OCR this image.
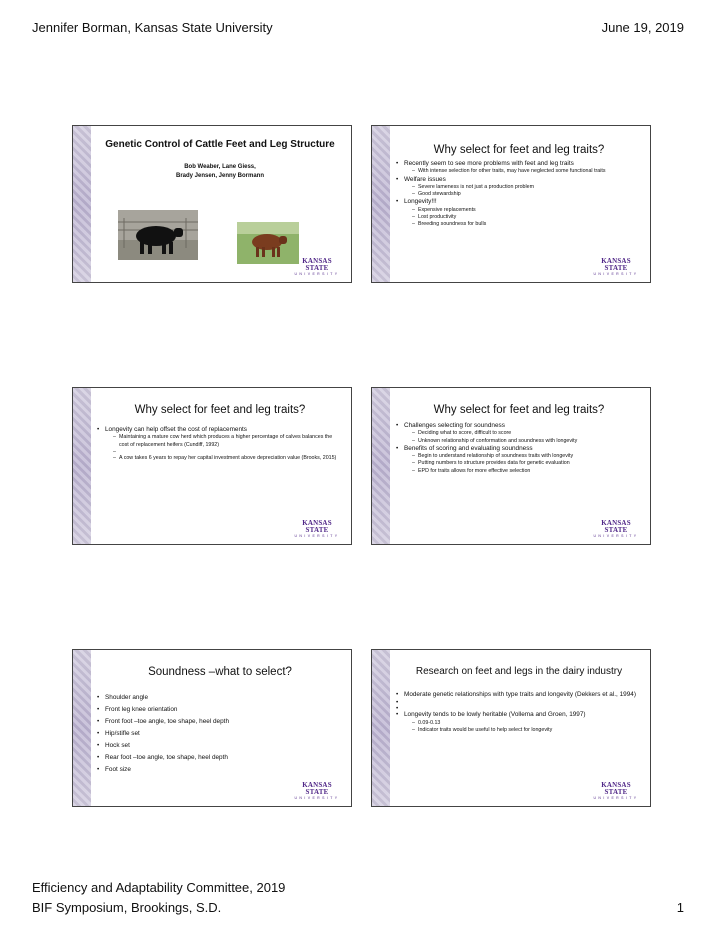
Jennifer Borman, Kansas State University	June 19, 2019
Genetic Control of Cattle Feet and Leg Structure
Bob Weaber, Lane Giess,
Brady Jensen, Jenny Bormann
KANSAS STATE
UNIVERSITY
Why select for feet and leg traits?
• Recently seem to see more problems with feet and leg traits
– With intense selection for other traits, may have neglected some functional traits
• Welfare issues
– Severe lameness is not just a production problem
– Good stewardship
• Longevity!!!
– Expensive replacements
– Lost productivity
– Breeding soundness for bulls
KANSAS STATE
UNIVERSITY
Why select for feet and leg traits?
• Longevity can help offset the cost of replacements
– Maintaining a mature cow herd which produces a higher percentage of calves balances the cost of replacement heifers (Cundiff, 1992)
–
– A cow takes 6 years to repay her capital investment above depreciation value (Brooks, 2015)
KANSAS STATE
UNIVERSITY
Why select for feet and leg traits?
• Challenges selecting for soundness
– Deciding what to score, difficult to score
– Unknown relationship of conformation and soundness with longevity
• Benefits of scoring and evaluating soundness
– Begin to understand relationship of soundness traits with longevity
– Putting numbers to structure provides data for genetic evaluation
– EPD for traits allows for more effective selection
KANSAS STATE
UNIVERSITY
Soundness –what to select?
• Shoulder angle
• Front leg knee orientation
• Front foot –toe angle, toe shape, heel depth
• Hip/stifle set
• Hock set
• Rear foot –toe angle, toe shape, heel depth
• Foot size
KANSAS STATE
UNIVERSITY
Research on feet and legs in the dairy industry
• Moderate genetic relationships with type traits and longevity (Dekkers et al., 1994)
•
•
• Longevity tends to be lowly heritable (Vollema and Groen, 1997)
– 0.09-0.13
– Indicator traits would be useful to help select for longevity
KANSAS STATE
UNIVERSITY
Efficiency and Adaptability Committee, 2019
BIF Symposium, Brookings, S.D.	1
